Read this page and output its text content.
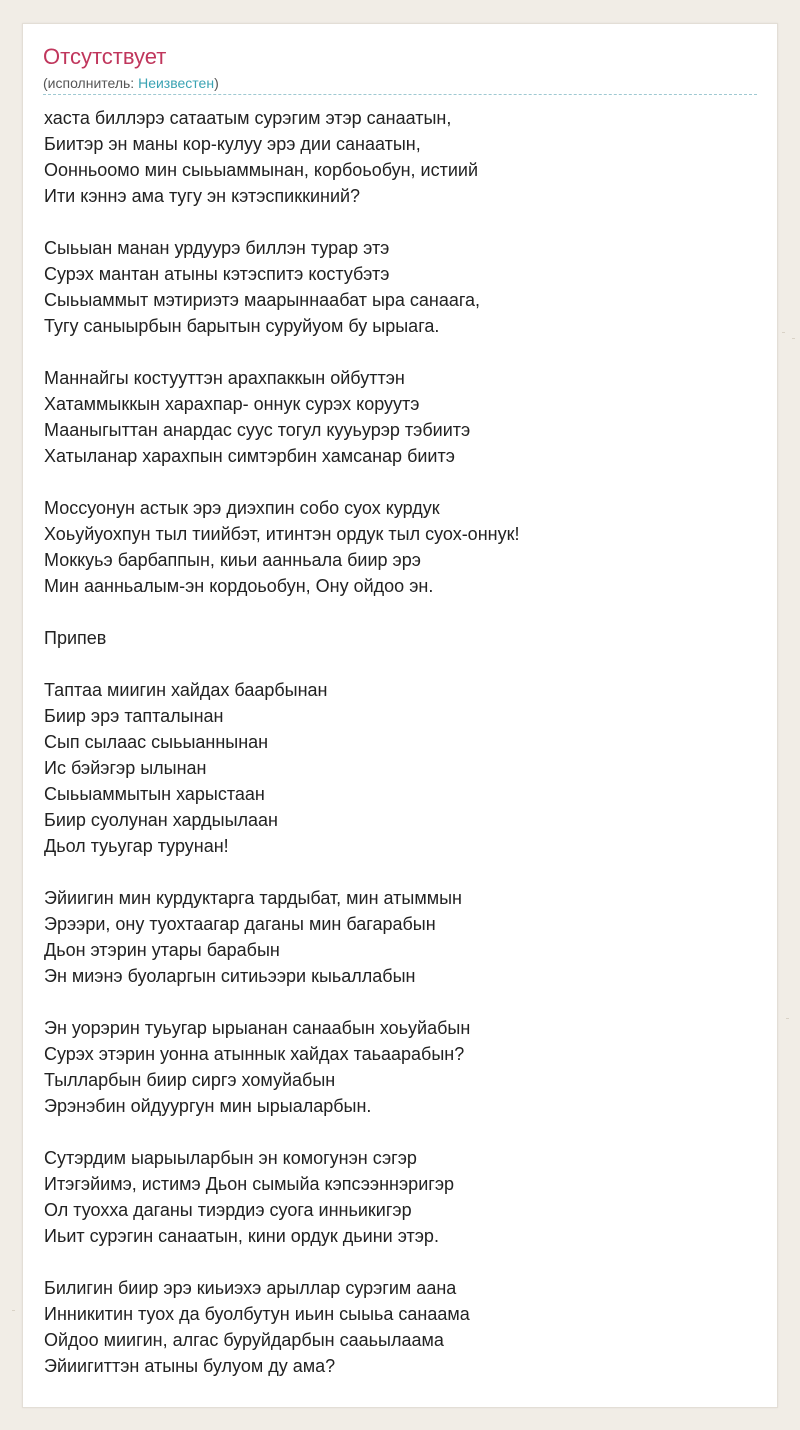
Отсутствует
(исполнитель: Неизвестен)
хаста биллэрэ сатаатым сурэгим этэр санаатын,
Биитэр эн маны кор-кулуу эрэ дии санаатын,
Оонньоомо мин сыьыаммынан, корбоьобун, истиий
Ити кэннэ ама тугу эн кэтэспиккиний?
Сыьыан манан урдуурэ биллэн турар этэ
Сурэх мантан атыны кэтэспитэ костубэтэ
Сыьыаммыт мэтириэтэ маарыннаабат ыра санаага,
Тугу саныырбын барытын суруйуом бу ырыага.
Маннайгы костууттэн арахпаккын ойбуттэн
Хатаммыккын харахпар- оннук сурэх коруутэ
Мааныгыттан анардас суус тогул кууьурэр тэбиитэ
Хатыланар харахпын симтэрбин хамсанар биитэ
Моссуонун астык эрэ диэхпин собо суох курдук
Хоьуйуохпун тыл тиийбэт, итинтэн ордук тыл суох-оннук!
Моккуьэ барбаппын, киьи аанньала биир эрэ
Мин аанньалым-эн кордоьобун, Ону ойдоо эн.
Припев
Таптаа миигин хайдах баарбынан
Биир эрэ тапталынан
Сып сылаас сыьыаннынан
Ис бэйэгэр ылынан
Сыьыаммытын харыстаан
Биир суолунан хардыылаан
Дьол туьугар турунан!
Эйиигин мин курдуктарга тардыбат, мин атыммын
Эрээри, ону туохтаагар даганы мин багарабын
Дьон этэрин утары барабын
Эн миэнэ буоларгын ситиьээри кыьаллабын
Эн уорэрин туьугар ырыанан санаабын хоьуйабын
Сурэх этэрин уонна атыннык хайдах таьаарабын?
Тылларбын биир сиргэ хомуйабын
Эрэнэбин ойдуургун мин ырыаларбын.
Сутэрдим ыарыыларбын эн комогунэн сэгэр
Итэгэйимэ, истимэ Дьон сымыйа кэпсээннэригэр
Ол туохха даганы тиэрдиэ суога инньикигэр
Иьит сурэгин санаатын, кини ордук дьини этэр.
Билигин биир эрэ киьиэхэ арыллар сурэгим аана
Инникитин туох да буолбутун иьин сыыьа санаама
Ойдоо миигин, алгас буруйдарбын сааьылаама
Эйиигиттэн атыны булуом ду ама?
